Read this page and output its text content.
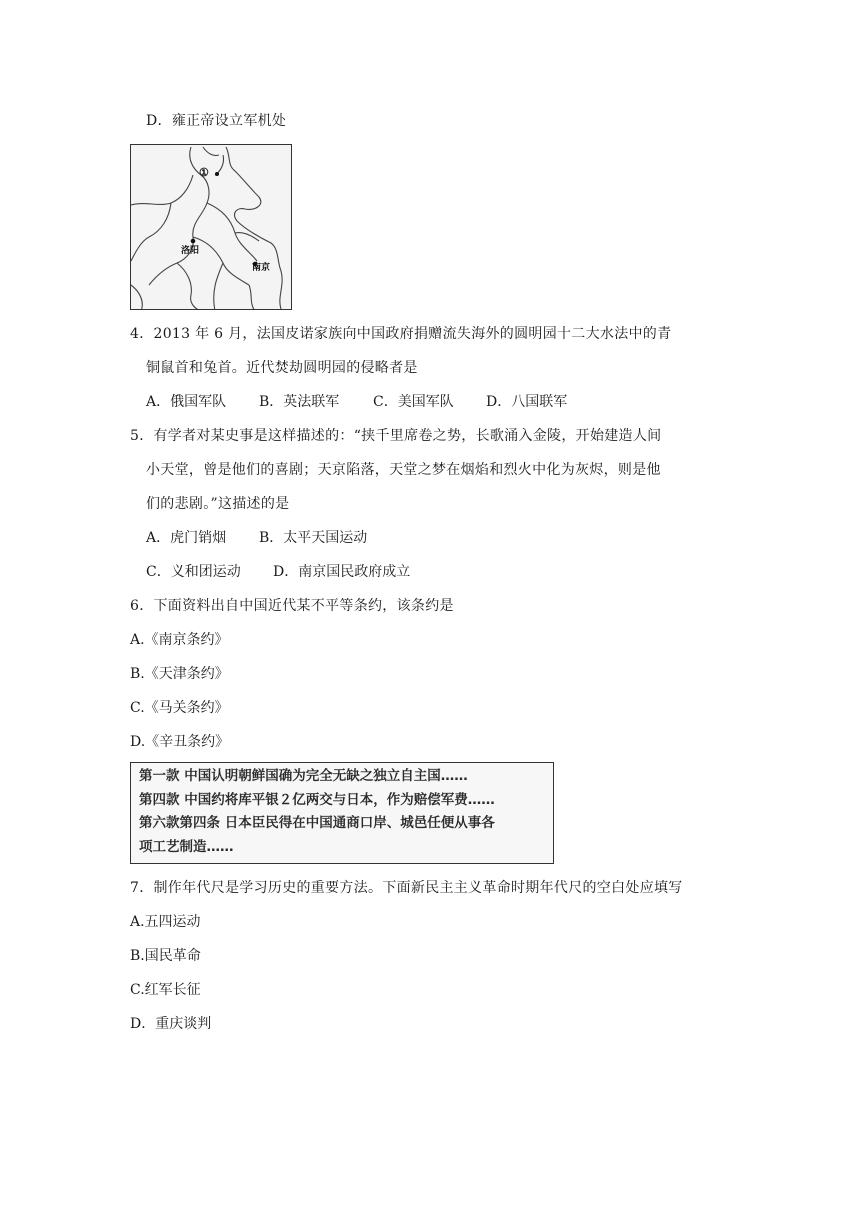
D．雍正帝设立军机处
①
洛阳
南京
4．2013 年 6 月，法国皮诺家族向中国政府捐赠流失海外的圆明园十二大水法中的青
铜鼠首和兔首。近代焚劫圆明园的侵略者是
A．俄国军队 B．英法联军 C．美国军队 D．八国联军
5．有学者对某史事是这样描述的：“挟千里席卷之势，长歌涌入金陵，开始建造人间
小天堂，曾是他们的喜剧；天京陷落，天堂之梦在烟焰和烈火中化为灰烬，则是他
们的悲剧。”这描述的是
A．虎门销烟 B．太平天国运动
C．义和团运动 D．南京国民政府成立
6．下面资料出自中国近代某不平等条约，该条约是
A.《南京条约》
B.《天津条约》
C.《马关条约》
D.《辛丑条约》
第一款 中国认明朝鲜国确为完全无缺之独立自主国……
第四款 中国约将库平银２亿两交与日本，作为赔偿军费……
第六款第四条 日本臣民得在中国通商口岸、城邑任便从事各
项工艺制造……
7．制作年代尺是学习历史的重要方法。下面新民主主义革命时期年代尺的空白处应填写
A.五四运动
B.国民革命
C.红军长征
D．重庆谈判
